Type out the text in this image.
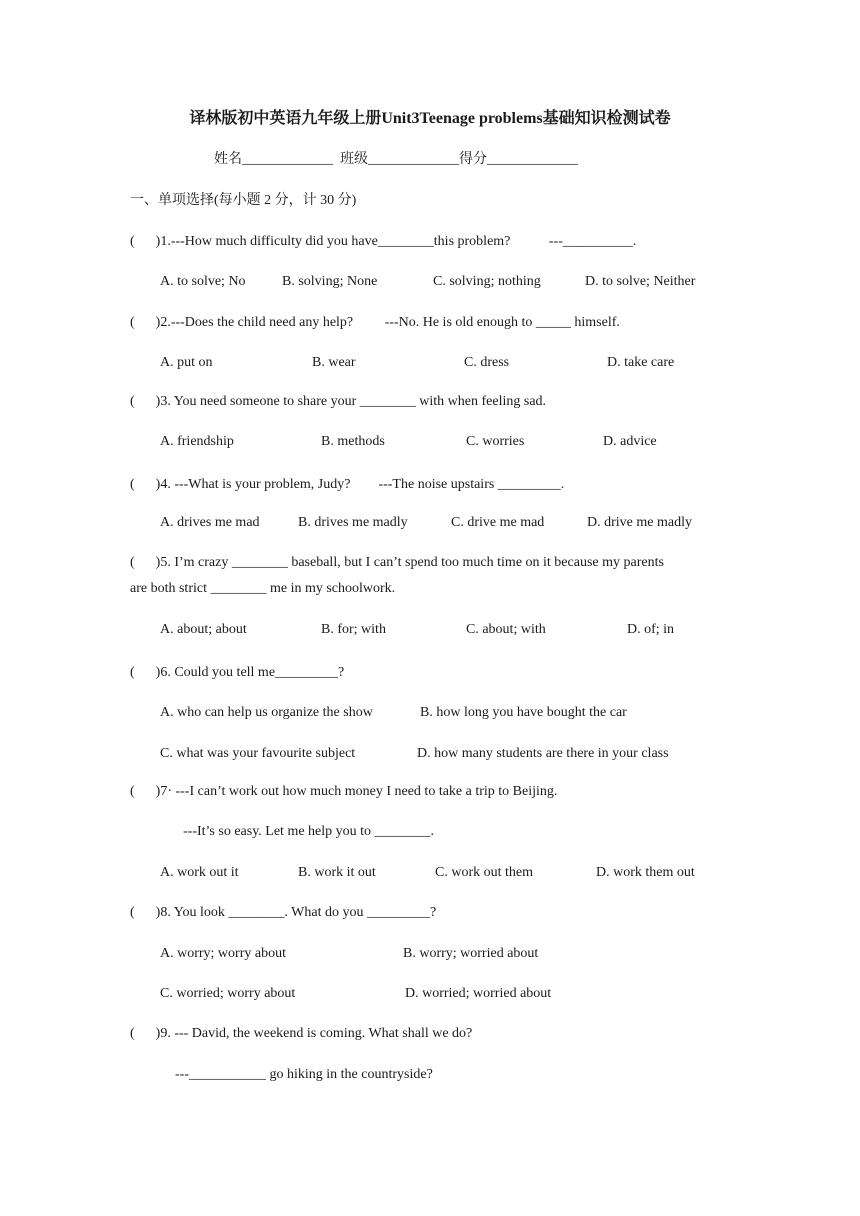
译林版初中英语九年级上册Unit3Teenage problems基础知识检测试卷
姓名_____________ 班级_____________得分_____________
一、单项选择(每小题 2 分，计 30 分)
(      )1.---How much difficulty did you have________this problem?           ---__________.
A. to solve; No	B. solving; None	C. solving; nothing	D. to solve; Neither
(      )2.---Does the child need any help?         ---No. He is old enough to _____ himself.
A. put on	B. wear	C. dress	D. take care
(      )3. You need someone to share your ________ with when feeling sad.
A. friendship	B. methods	C. worries	D. advice
(      )4. ---What is your problem, Judy?        ---The noise upstairs _________.
A. drives me mad	B. drives me madly	C. drive me mad	D. drive me madly
(      )5. I’m crazy ________ baseball, but I can’t spend too much time on it because my parents
are both strict ________ me in my schoolwork.
A. about; about	B. for; with	C. about; with	D. of; in
(      )6. Could you tell me_________?
A. who can help us organize the show	B. how long you have bought the car
C. what was your favourite subject	D. how many students are there in your class
(      )7· ---I can’t work out how much money I need to take a trip to Beijing.
---It’s so easy. Let me help you to ________.
A. work out it	B. work it out	C. work out them	D. work them out
(      )8. You look ________. What do you _________?
A. worry; worry about	B. worry; worried about
C. worried; worry about	D. worried; worried about
(      )9. --- David, the weekend is coming. What shall we do?
---___________ go hiking in the countryside?
